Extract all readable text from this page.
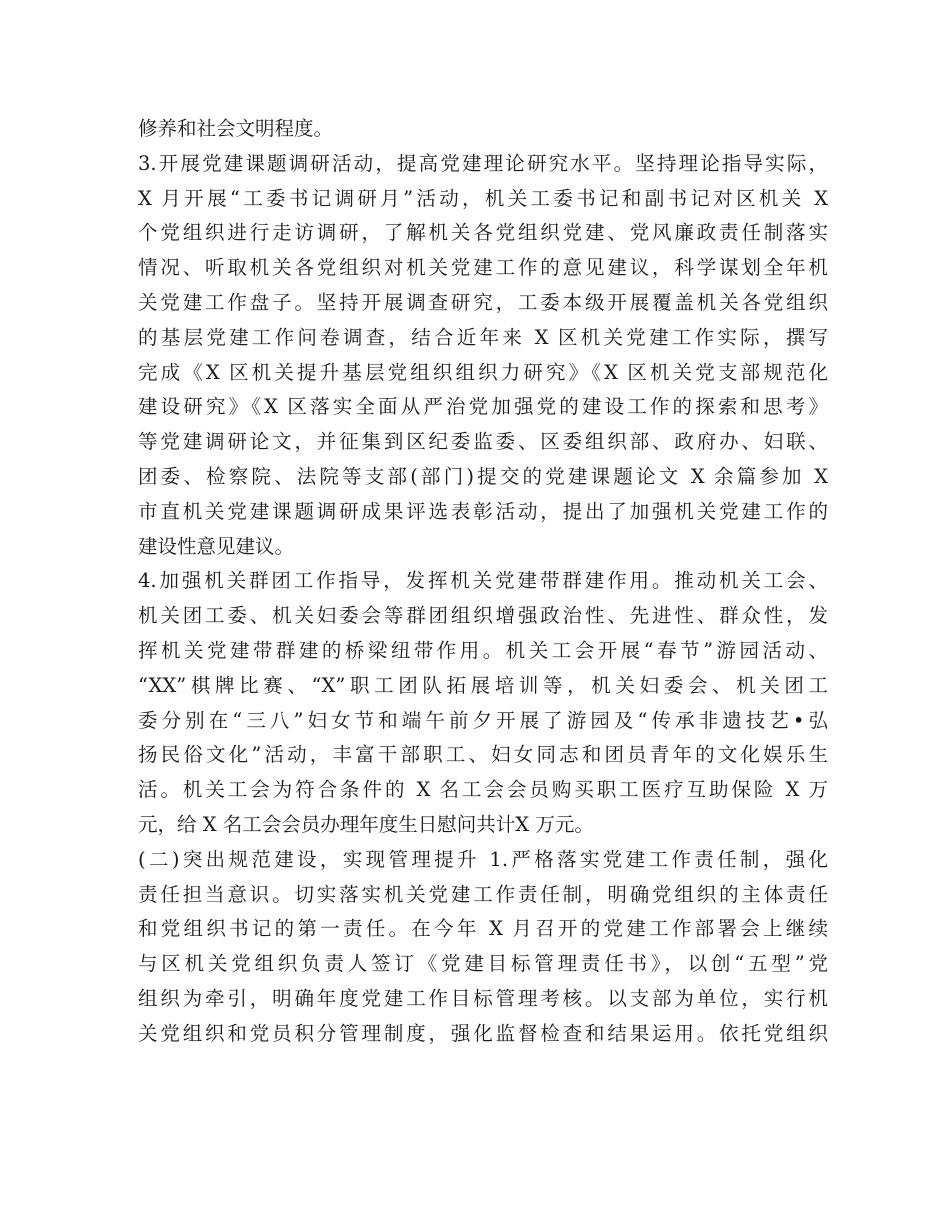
修养和社会文明程度。
3.开展党建课题调研活动，提高党建理论研究水平。坚持理论指导实际，
X 月开展“工委书记调研月”活动，机关工委书记和副书记对区机关 X
个党组织进行走访调研，了解机关各党组织党建、党风廉政责任制落实
情况、听取机关各党组织对机关党建工作的意见建议，科学谋划全年机
关党建工作盘子。坚持开展调查研究，工委本级开展覆盖机关各党组织
的基层党建工作问卷调查，结合近年来 X 区机关党建工作实际，撰写
完成《X 区机关提升基层党组织组织力研究》《X 区机关党支部规范化
建设研究》《X 区落实全面从严治党加强党的建设工作的探索和思考》
等党建调研论文，并征集到区纪委监委、区委组织部、政府办、妇联、
团委、检察院、法院等支部(部门)提交的党建课题论文 X 余篇参加 X
市直机关党建课题调研成果评选表彰活动，提出了加强机关党建工作的
建设性意见建议。
4.加强机关群团工作指导，发挥机关党建带群建作用。推动机关工会、
机关团工委、机关妇委会等群团组织增强政治性、先进性、群众性，发
挥机关党建带群建的桥梁纽带作用。机关工会开展“春节”游园活动、
“XX”棋牌比赛、“X”职工团队拓展培训等，机关妇委会、机关团工
委分别在“三八”妇女节和端午前夕开展了游园及“传承非遗技艺•弘
扬民俗文化”活动，丰富干部职工、妇女同志和团员青年的文化娱乐生
活。机关工会为符合条件的 X 名工会会员购买职工医疗互助保险 X 万
元，给 X 名工会会员办理年度生日慰问共计X 万元。
(二)突出规范建设，实现管理提升 1.严格落实党建工作责任制，强化
责任担当意识。切实落实机关党建工作责任制，明确党组织的主体责任
和党组织书记的第一责任。在今年 X 月召开的党建工作部署会上继续
与区机关党组织负责人签订《党建目标管理责任书》，以创“五型”党
组织为牵引，明确年度党建工作目标管理考核。以支部为单位，实行机
关党组织和党员积分管理制度，强化监督检查和结果运用。依托党组织
